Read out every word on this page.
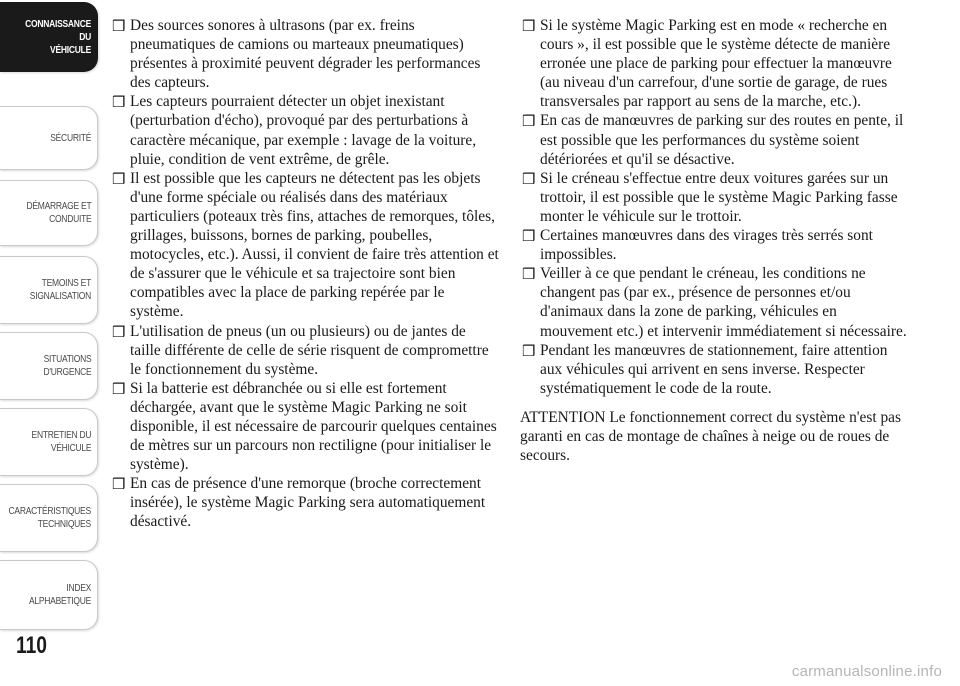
CONNAISSANCE DU
VÉHICULE
SÉCURITÉ
DÉMARRAGE ET
CONDUITE
TEMOINS ET
SIGNALISATION
SITUATIONS
D'URGENCE
ENTRETIEN DU
VÉHICULE
CARACTÉRISTIQUES
TECHNIQUES
INDEX
ALPHABETIQUE
110

❒ Des sources sonores à ultrasons (par ex. freins pneumatiques de camions ou marteaux pneumatiques) présentes à proximité peuvent dégrader les performances des capteurs.

❒ Les capteurs pourraient détecter un objet inexistant (perturbation d'écho), provoqué par des perturbations à caractère mécanique, par exemple : lavage de la voiture, pluie, condition de vent extrême, de grêle.

❒ Il est possible que les capteurs ne détectent pas les objets d'une forme spéciale ou réalisés dans des matériaux particuliers (poteaux très fins, attaches de remorques, tôles, grillages, buissons, bornes de parking, poubelles, motocycles, etc.). Aussi, il convient de faire très attention et de s'assurer que le véhicule et sa trajectoire sont bien compatibles avec la place de parking repérée par le système.

❒ L'utilisation de pneus (un ou plusieurs) ou de jantes de taille différente de celle de série risquent de compromettre le fonctionnement du système.

❒ Si la batterie est débranchée ou si elle est fortement déchargée, avant que le système Magic Parking ne soit disponible, il est nécessaire de parcourir quelques centaines de mètres sur un parcours non rectiligne (pour initialiser le système).

❒ En cas de présence d'une remorque (broche correctement insérée), le système Magic Parking sera automatiquement désactivé.

❒ Si le système Magic Parking est en mode « recherche en cours », il est possible que le système détecte de manière erronée une place de parking pour effectuer la manœuvre (au niveau d'un carrefour, d'une sortie de garage, de rues transversales par rapport au sens de la marche, etc.).

❒ En cas de manœuvres de parking sur des routes en pente, il est possible que les performances du système soient détériorées et qu'il se désactive.

❒ Si le créneau s'effectue entre deux voitures garées sur un trottoir, il est possible que le système Magic Parking fasse monter le véhicule sur le trottoir.

❒ Certaines manœuvres dans des virages très serrés sont impossibles.

❒ Veiller à ce que pendant le créneau, les conditions ne changent pas (par ex., présence de personnes et/ou d'animaux dans la zone de parking, véhicules en mouvement etc.) et intervenir immédiatement si nécessaire.

❒ Pendant les manœuvres de stationnement, faire attention aux véhicules qui arrivent en sens inverse. Respecter systématiquement le code de la route.

ATTENTION Le fonctionnement correct du système n'est pas garanti en cas de montage de chaînes à neige ou de roues de secours.

carmanualsonline.info
